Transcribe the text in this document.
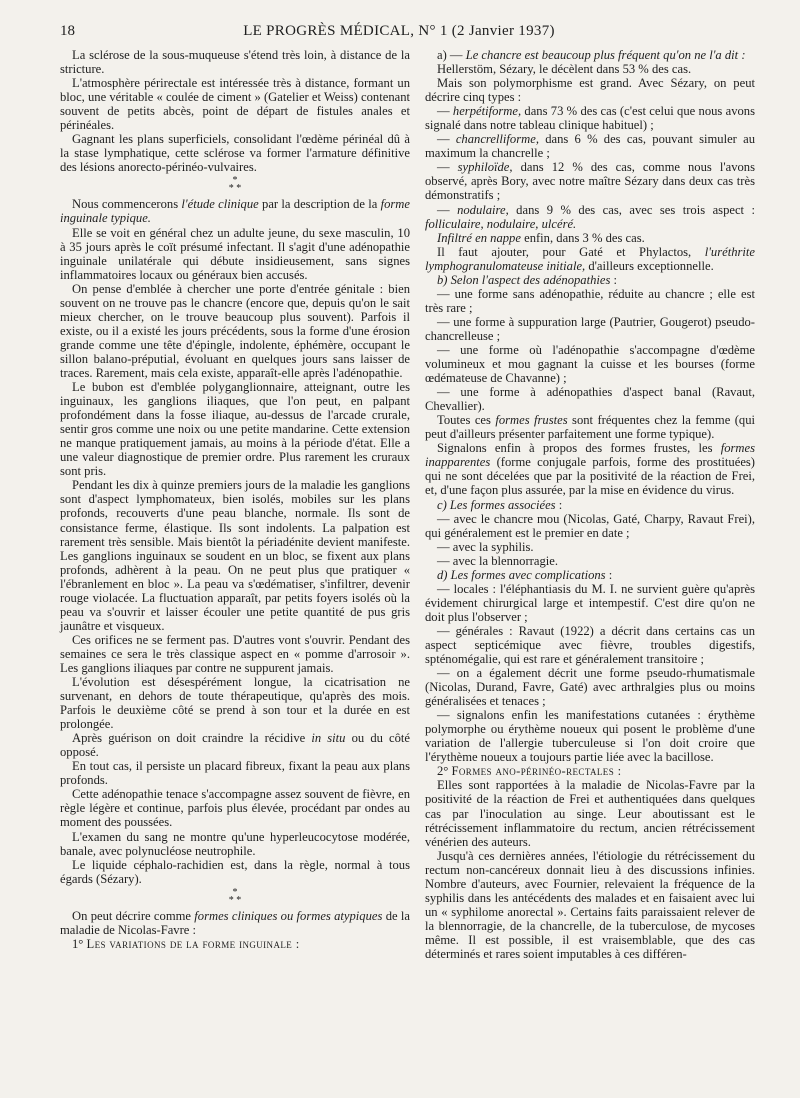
18	LE PROGRÈS MÉDICAL, N° 1 (2 Janvier 1937)

La sclérose de la sous-muqueuse s'étend très loin, à distance de la stricture.

L'atmosphère périrectale est intéressée très à distance, formant un bloc, une véritable « coulée de ciment » (Gatelier et Weiss) contenant souvent de petits abcès, point de départ de fistules anales et périnéales.

Gagnant les plans superficiels, consolidant l'œdème périnéal dû à la stase lymphatique, cette sclérose va former l'armature définitive des lésions anorecto-périnéo-vulvaires.

*
* *

Nous commencerons l'étude clinique par la description de la forme inguinale typique.

Elle se voit en général chez un adulte jeune, du sexe masculin, 10 à 35 jours après le coït présumé infectant. Il s'agit d'une adénopathie inguinale unilatérale qui débute insidieusement, sans signes inflammatoires locaux ou généraux bien accusés.

On pense d'emblée à chercher une porte d'entrée génitale : bien souvent on ne trouve pas le chancre (encore que, depuis qu'on le sait mieux chercher, on le trouve beaucoup plus souvent). Parfois il existe, ou il a existé les jours précédents, sous la forme d'une érosion grande comme une tête d'épingle, indolente, éphémère, occupant le sillon balano-préputial, évoluant en quelques jours sans laisser de traces. Rarement, mais cela existe, apparaît-elle après l'adénopathie.

Le bubon est d'emblée polyganglionnaire, atteignant, outre les inguinaux, les ganglions iliaques, que l'on peut, en palpant profondément dans la fosse iliaque, au-dessus de l'arcade crurale, sentir gros comme une noix ou une petite mandarine. Cette extension ne manque pratiquement jamais, au moins à la période d'état. Elle a une valeur diagnostique de premier ordre. Plus rarement les cruraux sont pris.

Pendant les dix à quinze premiers jours de la maladie les ganglions sont d'aspect lymphomateux, bien isolés, mobiles sur les plans profonds, recouverts d'une peau blanche, normale. Ils sont de consistance ferme, élastique. Ils sont indolents. La palpation est rarement très sensible. Mais bientôt la périadénite devient manifeste. Les ganglions inguinaux se soudent en un bloc, se fixent aux plans profonds, adhèrent à la peau. On ne peut plus que pratiquer « l'ébranlement en bloc ». La peau va s'œdématiser, s'infiltrer, devenir rouge violacée. La fluctuation apparaît, par petits foyers isolés où la peau va s'ouvrir et laisser écouler une petite quantité de pus gris jaunâtre et visqueux.

Ces orifices ne se ferment pas. D'autres vont s'ouvrir. Pendant des semaines ce sera le très classique aspect en « pomme d'arrosoir ». Les ganglions iliaques par contre ne suppurent jamais.

L'évolution est désespérément longue, la cicatrisation ne survenant, en dehors de toute thérapeutique, qu'après des mois. Parfois le deuxième côté se prend à son tour et la durée en est prolongée.

Après guérison on doit craindre la récidive in situ ou du côté opposé.

En tout cas, il persiste un placard fibreux, fixant la peau aux plans profonds.

Cette adénopathie tenace s'accompagne assez souvent de fièvre, en règle légère et continue, parfois plus élevée, procédant par ondes au moment des poussées.

L'examen du sang ne montre qu'une hyperleucocytose modérée, banale, avec polynucléose neutrophile.

Le liquide céphalo-rachidien est, dans la règle, normal à tous égards (Sézary).

*
* *

On peut décrire comme formes cliniques ou formes atypiques de la maladie de Nicolas-Favre :

1° Les variations de la forme inguinale :

a) — Le chancre est beaucoup plus fréquent qu'on ne l'a dit :

Hellerstöm, Sézary, le décèlent dans 53 % des cas.

Mais son polymorphisme est grand. Avec Sézary, on peut décrire cinq types :

— herpétiforme, dans 73 % des cas (c'est celui que nous avons signalé dans notre tableau clinique habituel) ;

— chancrelliforme, dans 6 % des cas, pouvant simuler au maximum la chancrelle ;

— syphiloïde, dans 12 % des cas, comme nous l'avons observé, après Bory, avec notre maître Sézary dans deux cas très démonstratifs ;

— nodulaire, dans 9 % des cas, avec ses trois aspect : folliculaire, nodulaire, ulcéré.

Infiltré en nappe enfin, dans 3 % des cas.

Il faut ajouter, pour Gaté et Phylactos, l'uréthrite lymphogranulomateuse initiale, d'ailleurs exceptionnelle.

b) Selon l'aspect des adénopathies :

— une forme sans adénopathie, réduite au chancre ; elle est très rare ;

— une forme à suppuration large (Pautrier, Gougerot) pseudo-chancrelleuse ;

— une forme où l'adénopathie s'accompagne d'œdème volumineux et mou gagnant la cuisse et les bourses (forme œdémateuse de Chavanne) ;

— une forme à adénopathies d'aspect banal (Ravaut, Chevallier).

Toutes ces formes frustes sont fréquentes chez la femme (qui peut d'ailleurs présenter parfaitement une forme typique).

Signalons enfin à propos des formes frustes, les formes inapparentes (forme conjugale parfois, forme des prostituées) qui ne sont décelées que par la positivité de la réaction de Frei, et, d'une façon plus assurée, par la mise en évidence du virus.

c) Les formes associées :

— avec le chancre mou (Nicolas, Gaté, Charpy, Ravaut Frei), qui généralement est le premier en date ;

— avec la syphilis.

— avec la blennorragie.

d) Les formes avec complications :

— locales : l'éléphantiasis du M. I. ne survient guère qu'après évidement chirurgical large et intempestif. C'est dire qu'on ne doit plus l'observer ;

— générales : Ravaut (1922) a décrit dans certains cas un aspect septicémique avec fièvre, troubles digestifs, spténomégalie, qui est rare et généralement transitoire ;

— on a également décrit une forme pseudo-rhumatismale (Nicolas, Durand, Favre, Gaté) avec arthralgies plus ou moins généralisées et tenaces ;

— signalons enfin les manifestations cutanées : érythème polymorphe ou érythème noueux qui posent le problème d'une variation de l'allergie tuberculeuse si l'on doit croire que l'érythème noueux a toujours partie liée avec la bacillose.

2° Formes ano-périnéo-rectales :

Elles sont rapportées à la maladie de Nicolas-Favre par la positivité de la réaction de Frei et authentiquées dans quelques cas par l'inoculation au singe. Leur aboutissant est le rétrécissement inflammatoire du rectum, ancien rétrécissement vénérien des auteurs.

Jusqu'à ces dernières années, l'étiologie du rétrécissement du rectum non-cancéreux donnait lieu à des discussions infinies. Nombre d'auteurs, avec Fournier, relevaient la fréquence de la syphilis dans les antécédents des malades et en faisaient avec lui un « syphilome anorectal ». Certains faits paraissaient relever de la blennorragie, de la chancrelle, de la tuberculose, de mycoses même. Il est possible, il est vraisemblable, que des cas déterminés et rares soient imputables à ces différen-
